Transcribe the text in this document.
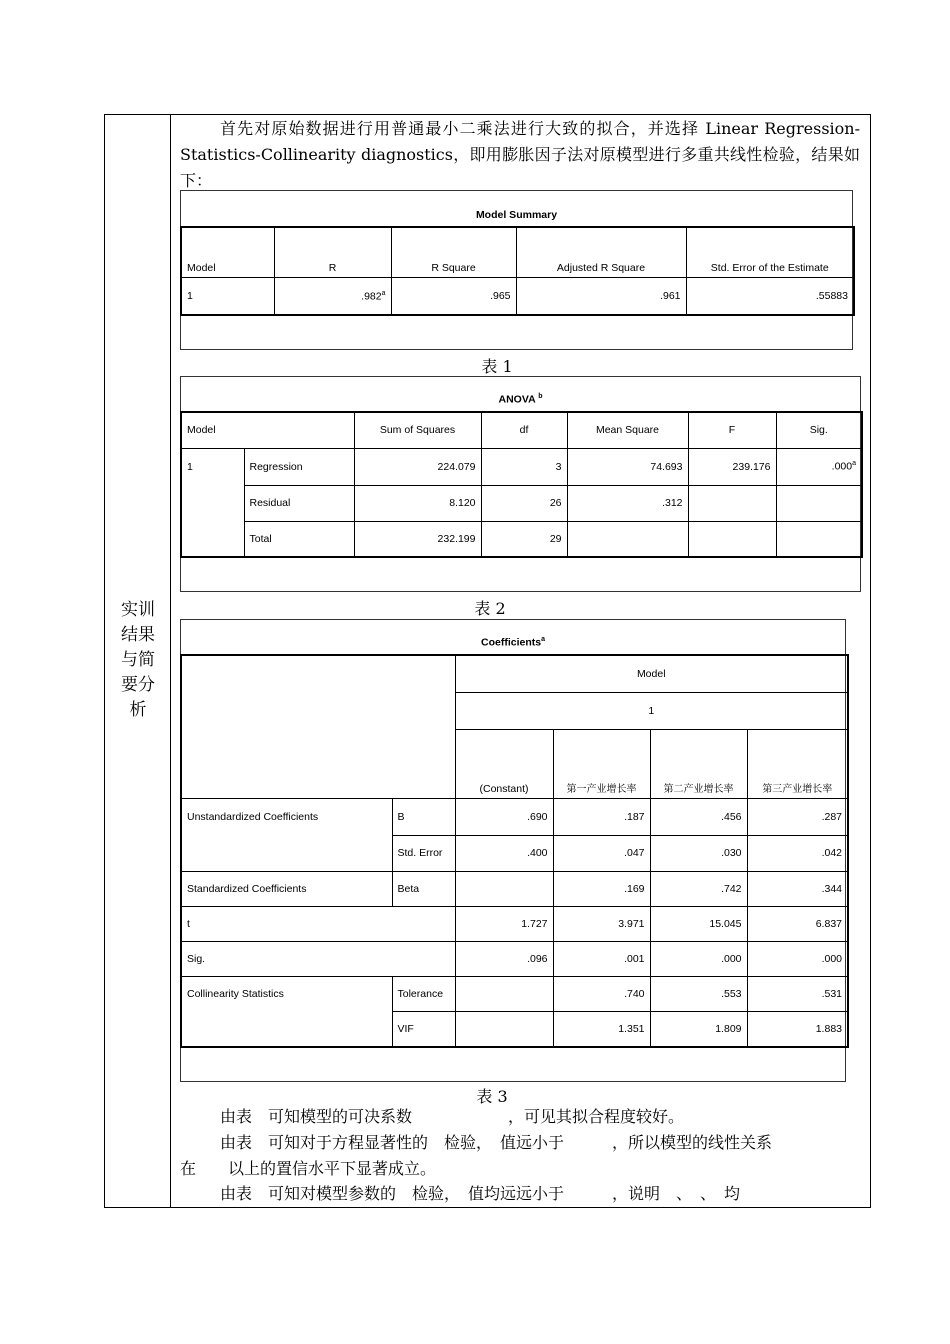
实训结果与简要分析
首先对原始数据进行用普通最小二乘法进行大致的拟合，并选择 Linear Regression-Statistics-Collinearity diagnostics，即用膨胀因子法对原模型进行多重共线性检验，结果如下：
Model Summary
Model	R	R Square	Adjusted R Square	Std. Error of the Estimate
1	.982$^a$	.965	.961	.55883
表 1
ANOVA $^b$
Model		Sum of Squares	df	Mean Square	F	Sig.
1	Regression	224.079	3	74.693	239.176	.000$^a$
	Residual	8.120	26	.312		
	Total	232.199	29			
表 2
Coefficients$^a$
		Model			
		1			
		(Constant)	第一产业增长率	第二产业增长率	第三产业增长率
Unstandardized Coefficients	B	.690	.187	.456	.287
	Std. Error	.400	.047	.030	.042
Standardized Coefficients	Beta		.169	.742	.344
t		1.727	3.971	15.045	6.837
Sig.		.096	.001	.000	.000
Collinearity Statistics	Tolerance		.740	.553	.531
	VIF		1.351	1.809	1.883
表 3
由表　可知模型的可决系数　　　　　　，可见其拟合程度较好。
由表　可知对于方程显著性的　检验，　值远小于　　　，所以模型的线性关系
在　　以上的置信水平下显著成立。
由表　可知对模型参数的　检验，　值均远远小于　　　，说明　、　、　均
